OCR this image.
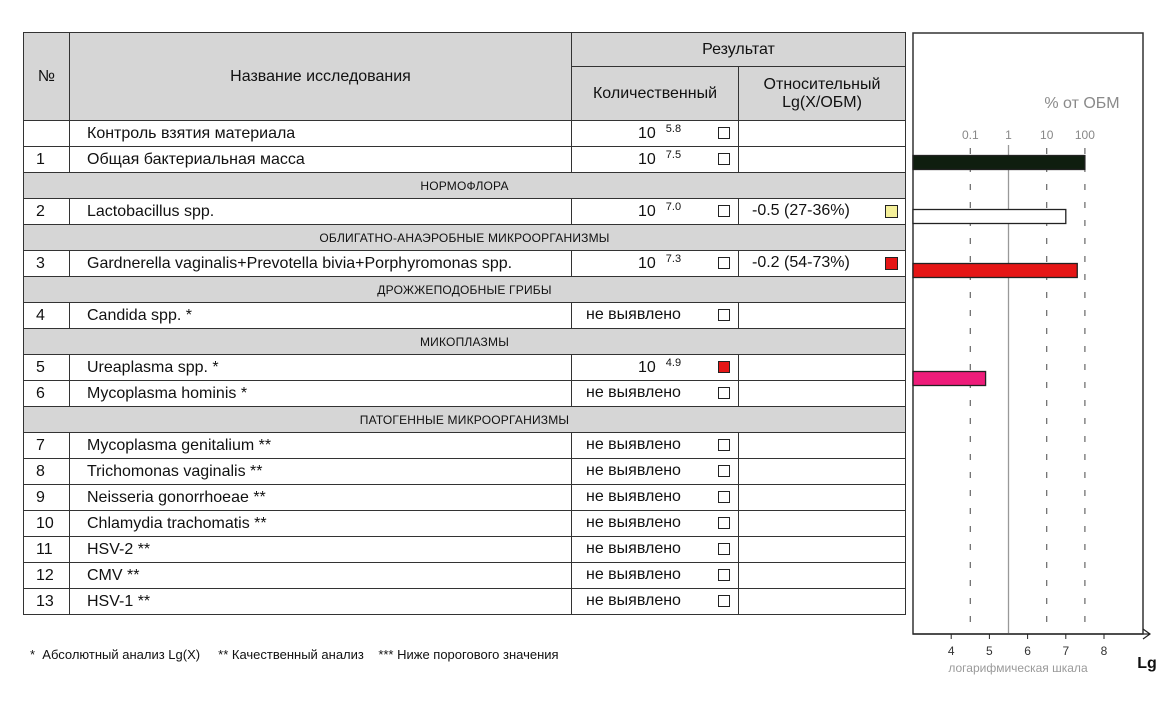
№	Название исследования	Результат	
		Количественный	Относительный
Lg(X/ОБМ)

	Контроль взятия материала	10 $^{5.8}$

1	Общая бактериальная масса	10 $^{7.5}$

НОРМОФЛОРА			
2	Lactobacillus spp.	10 $^{7.0}$	-0.5 (27-36%)

ОБЛИГАТНО-АНАЭРОБНЫЕ МИКРООРГАНИЗМЫ			
3	Gardnerella vaginalis+Prevotella bivia+Porphyromonas spp.	10 $^{7.3}$	-0.2 (54-73%)

ДРОЖЖЕПОДОБНЫЕ ГРИБЫ			
4	Candida spp. *	не выявлено	

МИКОПЛАЗМЫ			
5	Ureaplasma spp. *	10 $^{4.9}$

6	Mycoplasma hominis *	не выявлено	

ПАТОГЕННЫЕ МИКРООРГАНИЗМЫ			
7	Mycoplasma genitalium **	не выявлено	

8	Trichomonas vaginalis **	не выявлено	

9	Neisseria gonorrhoeae **	не выявлено	

10	Chlamydia trachomatis **	не выявлено	

11	HSV-2 **	не выявлено	

12	CMV **	не выявлено	

13	HSV-1 **	не выявлено	

0.1 1 10 100
4	5	6	7	8
% от ОБМ
логарифмическая шкала	Lg
*  Абсолютный анализ Lg(X)     ** Качественный анализ    *** Ниже порогового значения
